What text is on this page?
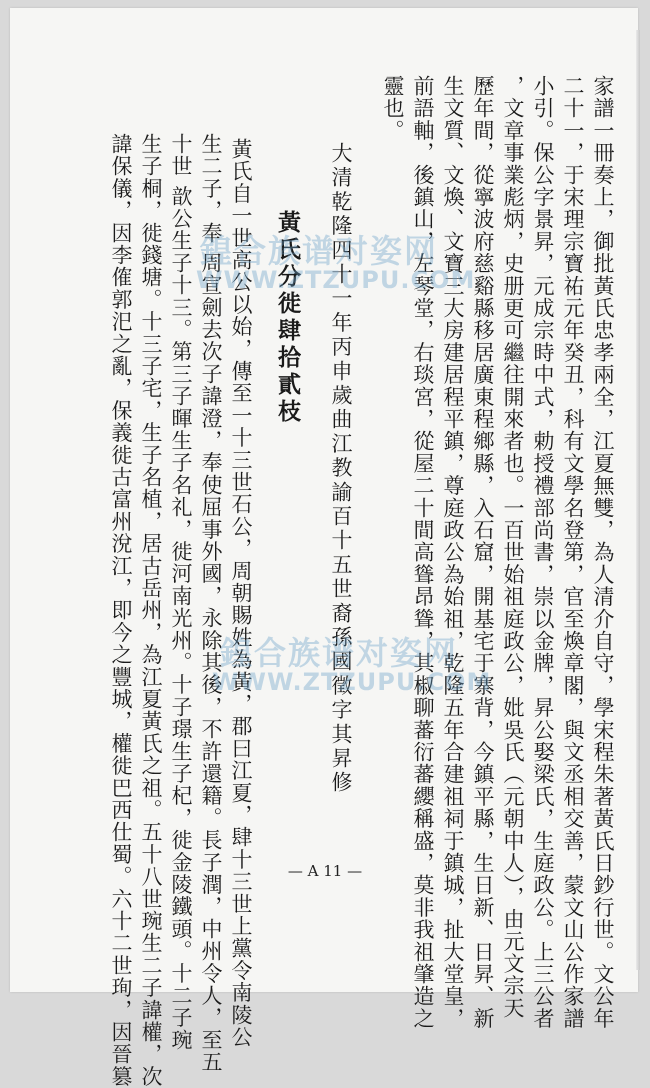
家譜一冊奏上，御批黃氏忠孝兩全，江夏無雙，為人清介自守，學宋程朱著黃氏日鈔行世。文公年

二十一，于宋理宗寶祐元年癸丑，科有文學名登第，官至煥章閣，與文丞相交善，蒙文山公作家譜

小引。保公字景昇，元成宗時中式，勅授禮部尚書，崇以金牌，昇公娶梁氏，生庭政公。上三公者

，文章事業彪炳，史册更可繼往開來者也。一百世始祖庭政公，妣吳氏（元朝中人），由元文宗天

歷年間，從寧波府慈谿縣移居廣東程鄉縣，入石窟，開基宅于寨背，今鎮平縣，生日新、日昇、新

生文質、文煥、文寶三大房建居程平鎮，尊庭政公為始祖，乾隆五年合建祖祠于鎮城，扯大堂皇，

前語軸，後鎮山，左琴堂，右琰宮，從屋二十間高聳昂聳，其椒聊蕃衍蕃纓稱盛，莫非我祖肇造之

靈也。

大清乾隆四十一年丙申歲曲江教諭百十五世裔孫國徵字其昇修

黃氏分徙肆拾貳枝

黃氏自一世高公以始，傳至一十三世石公，周朝賜姓為黃，郡曰江夏，肆十三世上黨令南陵公

生二子，奉 周宣劍去次子諱澄，奉使屈事外國，永除其後，不許還籍。長子潤，中州令人，至五

十世 歆公生子十三。第三子暉生子名礼，徙河南光州。十子璟生子杞，徙金陵鐵頭。十二子琬

生子桐，徙錢塘。十三子宅，生子名植，居古岳州，為江夏黃氏之祖。五十八世琬生二子諱權，次

諱保儀，因李傕郭汜之亂，保義徙古富州涗江，即今之豐城，權徙巴西仕蜀。六十二世珣，因晉篡 鍠合族谱对姿网
WWW.ZTZUPU.COM
鍠合族谱对姿网
WWW.ZTZUPU.COM
— A 11 —
